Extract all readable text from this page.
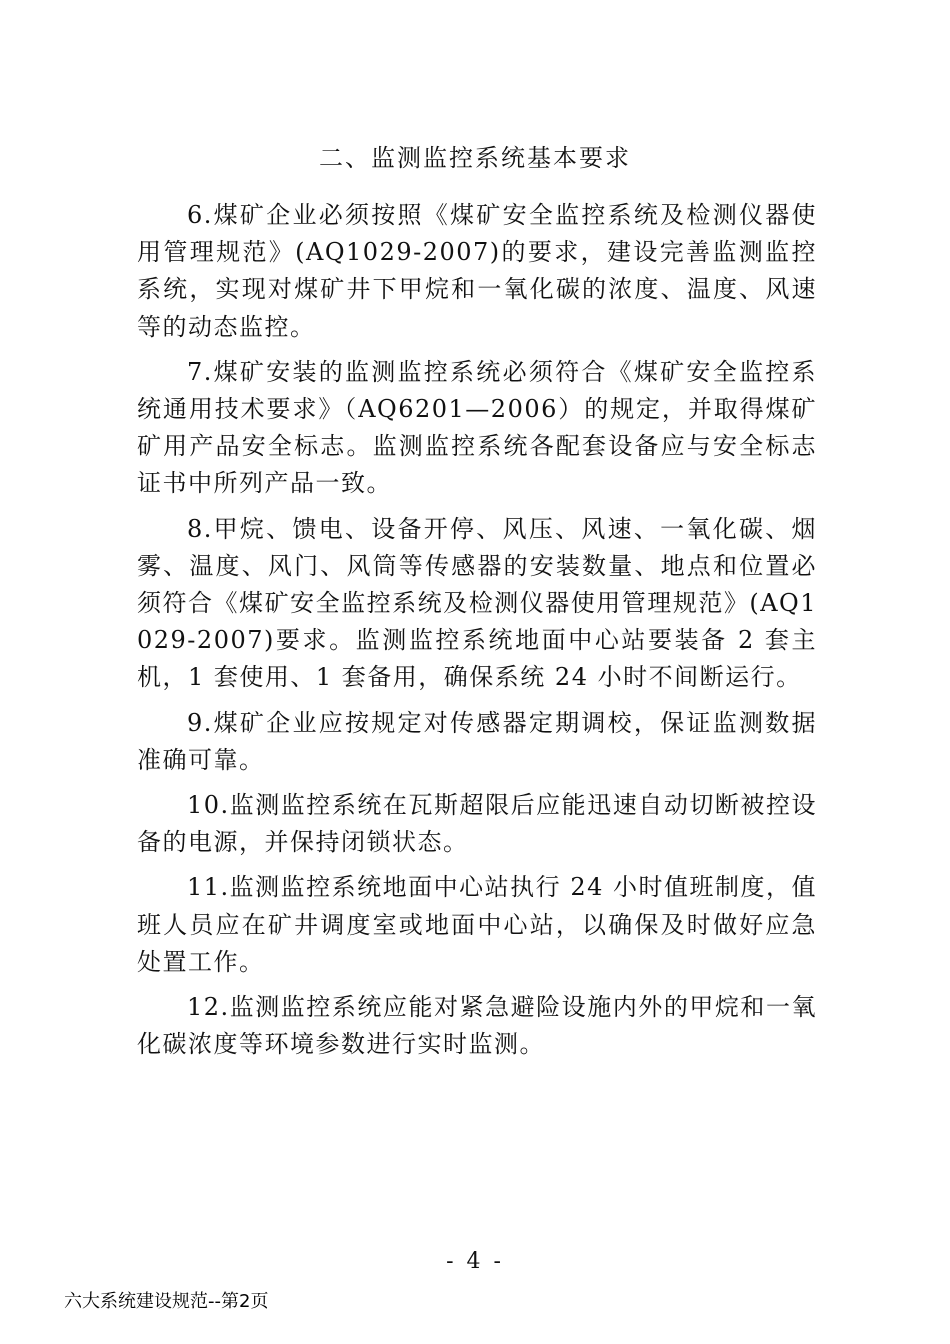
二、监测监控系统基本要求

6.煤矿企业必须按照《煤矿安全监控系统及检测仪器使用管理规范》(AQ1029-2007)的要求，建设完善监测监控系统，实现对煤矿井下甲烷和一氧化碳的浓度、温度、风速等的动态监控。

7.煤矿安装的监测监控系统必须符合《煤矿安全监控系统通用技术要求》（AQ6201—2006）的规定，并取得煤矿矿用产品安全标志。监测监控系统各配套设备应与安全标志证书中所列产品一致。

8.甲烷、馈电、设备开停、风压、风速、一氧化碳、烟雾、温度、风门、风筒等传感器的安装数量、地点和位置必须符合《煤矿安全监控系统及检测仪器使用管理规范》(AQ1029-2007)要求。监测监控系统地面中心站要装备 2 套主机，1 套使用、1 套备用，确保系统 24 小时不间断运行。

9.煤矿企业应按规定对传感器定期调校，保证监测数据准确可靠。

10.监测监控系统在瓦斯超限后应能迅速自动切断被控设备的电源，并保持闭锁状态。

11.监测监控系统地面中心站执行 24 小时值班制度，值班人员应在矿井调度室或地面中心站，以确保及时做好应急处置工作。

12.监测监控系统应能对紧急避险设施内外的甲烷和一氧化碳浓度等环境参数进行实时监测。

- 4 -
六大系统建设规范--第2页
